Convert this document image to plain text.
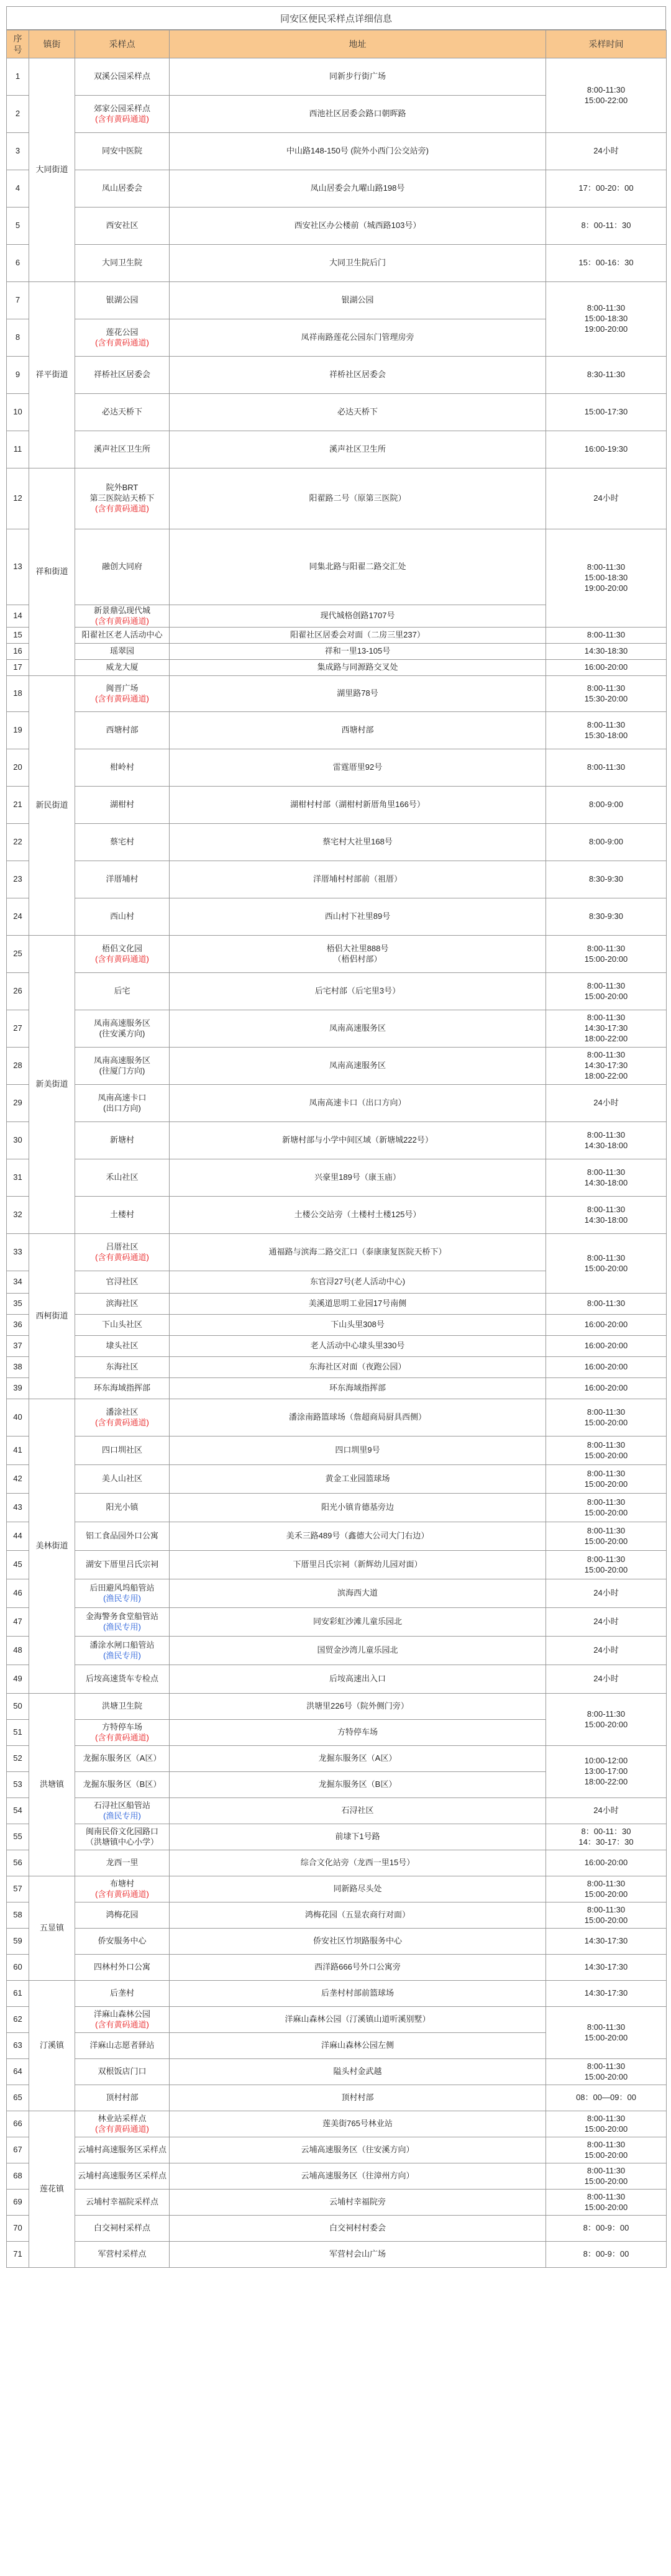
同安区便民采样点详细信息
序号	镇街	采样点	地址	采样时间
1	大同街道	双溪公园采样点	同新步行街广场	8:00-11:30
15:00-22:00

2		郊家公园采样点
(含有黄码通道)	西池社区居委会路口朝晖路	

3		同安中医院	中山路148-150号 (院外小西门公交站旁)	24小时

4		凤山居委会	凤山居委会九曜山路198号	17：00-20：00

5		西安社区	西安社区办公楼前（城西路103号）	8：00-11：30

6		大同卫生院	大同卫生院后门	15：00-16：30

7	祥平街道	银湖公园	银湖公园	8:00-11:30
15:00-18:30
19:00-20:00

8		莲花公园
(含有黄码通道)	凤祥南路莲花公园东门管理房旁	

9		祥桥社区居委会	祥桥社区居委会	8:30-11:30

10		必达天桥下	必达天桥下	15:00-17:30

11		溪声社区卫生所	溪声社区卫生所	16:00-19:30

12	祥和街道	院外BRT
第三医院站天桥下
(含有黄码通道)	阳翟路二号（原第三医院）	24小时

13		融创大同府	同集北路与阳翟二路交汇处	8:00-11:30
15:00-18:30
19:00-20:00

14		新景鼎弘现代城
(含有黄码通道)	现代城格创路1707号	

15		阳翟社区老人活动中心	阳翟社区居委会对面（二房三里237）	8:00-11:30

16		瑶翠园	祥和一里13-105号	14:30-18:30

17		威龙大厦	集成路与同源路交叉处	16:00-20:00

18	新民街道	闽晋广场
(含有黄码通道)	湖里路78号	8:00-11:30
15:30-20:00

19		西塘村部	西塘村部	8:00-11:30
15:30-18:00

20		柑岭村	雷霆厝里92号	8:00-11:30

21		湖柑村	湖柑村村部（湖柑村新厝角里166号）	8:00-9:00

22		蔡宅村	蔡宅村大社里168号	8:00-9:00

23		洋厝埔村	洋厝埔村村部前（祖厝）	8:30-9:30

24		西山村	西山村下社里89号	8:30-9:30

25	新美街道	梧侣文化园
(含有黄码通道)	梧侣大社里888号
（梧侣村部）	8:00-11:30
15:00-20:00

26		后宅	后宅村部（后宅里3号）	8:00-11:30
15:00-20:00

27		凤南高速服务区
(往安溪方向)	凤南高速服务区	8:00-11:30
14:30-17:30
18:00-22:00

28		凤南高速服务区
(往厦门方向)	凤南高速服务区	8:00-11:30
14:30-17:30
18:00-22:00

29		凤南高速卡口
(出口方向)	凤南高速卡口（出口方向）	24小时

30		新塘村	新塘村部与小学中间区域（新塘城222号）	8:00-11:30
14:30-18:00

31		禾山社区	兴豪里189号（康玉庙）	8:00-11:30
14:30-18:00

32		土楼村	土楼公交站旁（土楼村土楼125号）	8:00-11:30
14:30-18:00

33	西柯街道	吕厝社区
(含有黄码通道)	通福路与滨海二路交汇口（泰康康复医院天桥下）	8:00-11:30
15:00-20:00

34		官浔社区	东官浔27号(老人活动中心)	

35		滨海社区	美溪道思明工业园17号南侧	8:00-11:30

36		下山头社区	下山头里308号	16:00-20:00

37		埭头社区	老人活动中心埭头里330号	16:00-20:00

38		东海社区	东海社区对面（夜跑公园）	16:00-20:00

39		环东海域指挥部	环东海域指挥部	16:00-20:00

40	美林街道	潘涂社区
(含有黄码通道)	潘涂南路篮球场（詹超商局厨具西侧）	8:00-11:30
15:00-20:00

41		四口圳社区	四口圳里9号	8:00-11:30
15:00-20:00

42		美人山社区	黄金工业园篮球场	8:00-11:30
15:00-20:00

43		阳光小镇	阳光小镇肯德基旁边	8:00-11:30
15:00-20:00

44		铝工食品园外口公寓	美禾三路489号（鑫德大公司大门右边）	8:00-11:30
15:00-20:00

45		湖安下厝里吕氏宗祠	下厝里吕氏宗祠（新辉幼儿园对面）	8:00-11:30
15:00-20:00

46		后田避风坞船管站
(渔民专用)	滨海西大道	24小时

47		金海警务食堂船管站
(渔民专用)	同安彩虹沙滩儿童乐园北	24小时

48		潘涂水闸口船管站
(渔民专用)	国贸金沙湾儿童乐园北	24小时

49		后垵高速货车专检点	后垵高速出入口	24小时

50	洪塘镇	洪塘卫生院	洪塘里226号（院外侧门旁）	8:00-11:30
15:00-20:00

51		方特停车场
(含有黄码通道)	方特停车场	

52		龙掘东服务区（A区）	龙掘东服务区（A区）	10:00-12:00
13:00-17:00
18:00-22:00

53		龙掘东服务区（B区）	龙掘东服务区（B区）	

54		石浔社区船管站
(渔民专用)	石浔社区	24小时

55		闽南民俗文化园路口
（洪塘镇中心小学）	前埭下1号路	8：00-11：30
14：30-17：30

56		龙西一里	综合文化站旁（龙西一里15号）	16:00-20:00

57	五显镇	布塘村
(含有黄码通道)	同新路尽头处	8:00-11:30
15:00-20:00

58		鸿梅花园	鸿梅花园（五显农商行对面）	8:00-11:30
15:00-20:00

59		侨安服务中心	侨安社区竹坝路服务中心	14:30-17:30

60		四林村外口公寓	西洋路666号外口公寓旁	14:30-17:30

61	汀溪镇	后垄村	后垄村村部前篮球场	14:30-17:30

62		洋麻山森林公园
(含有黄码通道)	洋麻山森林公园（汀溪镇山道听溪别墅）	8:00-11:30
15:00-20:00

63		洋麻山志愿者驿站	洋麻山森林公园左侧	

64		双根饭店门口	隘头村金武越	8:00-11:30
15:00-20:00

65		顶村村部	顶村村部	08：00—09：00

66	莲花镇	林业站采样点
(含有黄码通道)	莲美街765号林业站	8:00-11:30
15:00-20:00

67		云埔村高速服务区采样点	云埔高速服务区（往安溪方向）	8:00-11:30
15:00-20:00

68		云埔村高速服务区采样点	云埔高速服务区（往漳州方向）	8:00-11:30
15:00-20:00

69		云埔村幸福院采样点	云埔村幸福院旁	8:00-11:30
15:00-20:00

70		白交祠村采样点	白交祠村村委会	8：00-9：00

71		军营村采样点	军营村会山广场	8：00-9：00
